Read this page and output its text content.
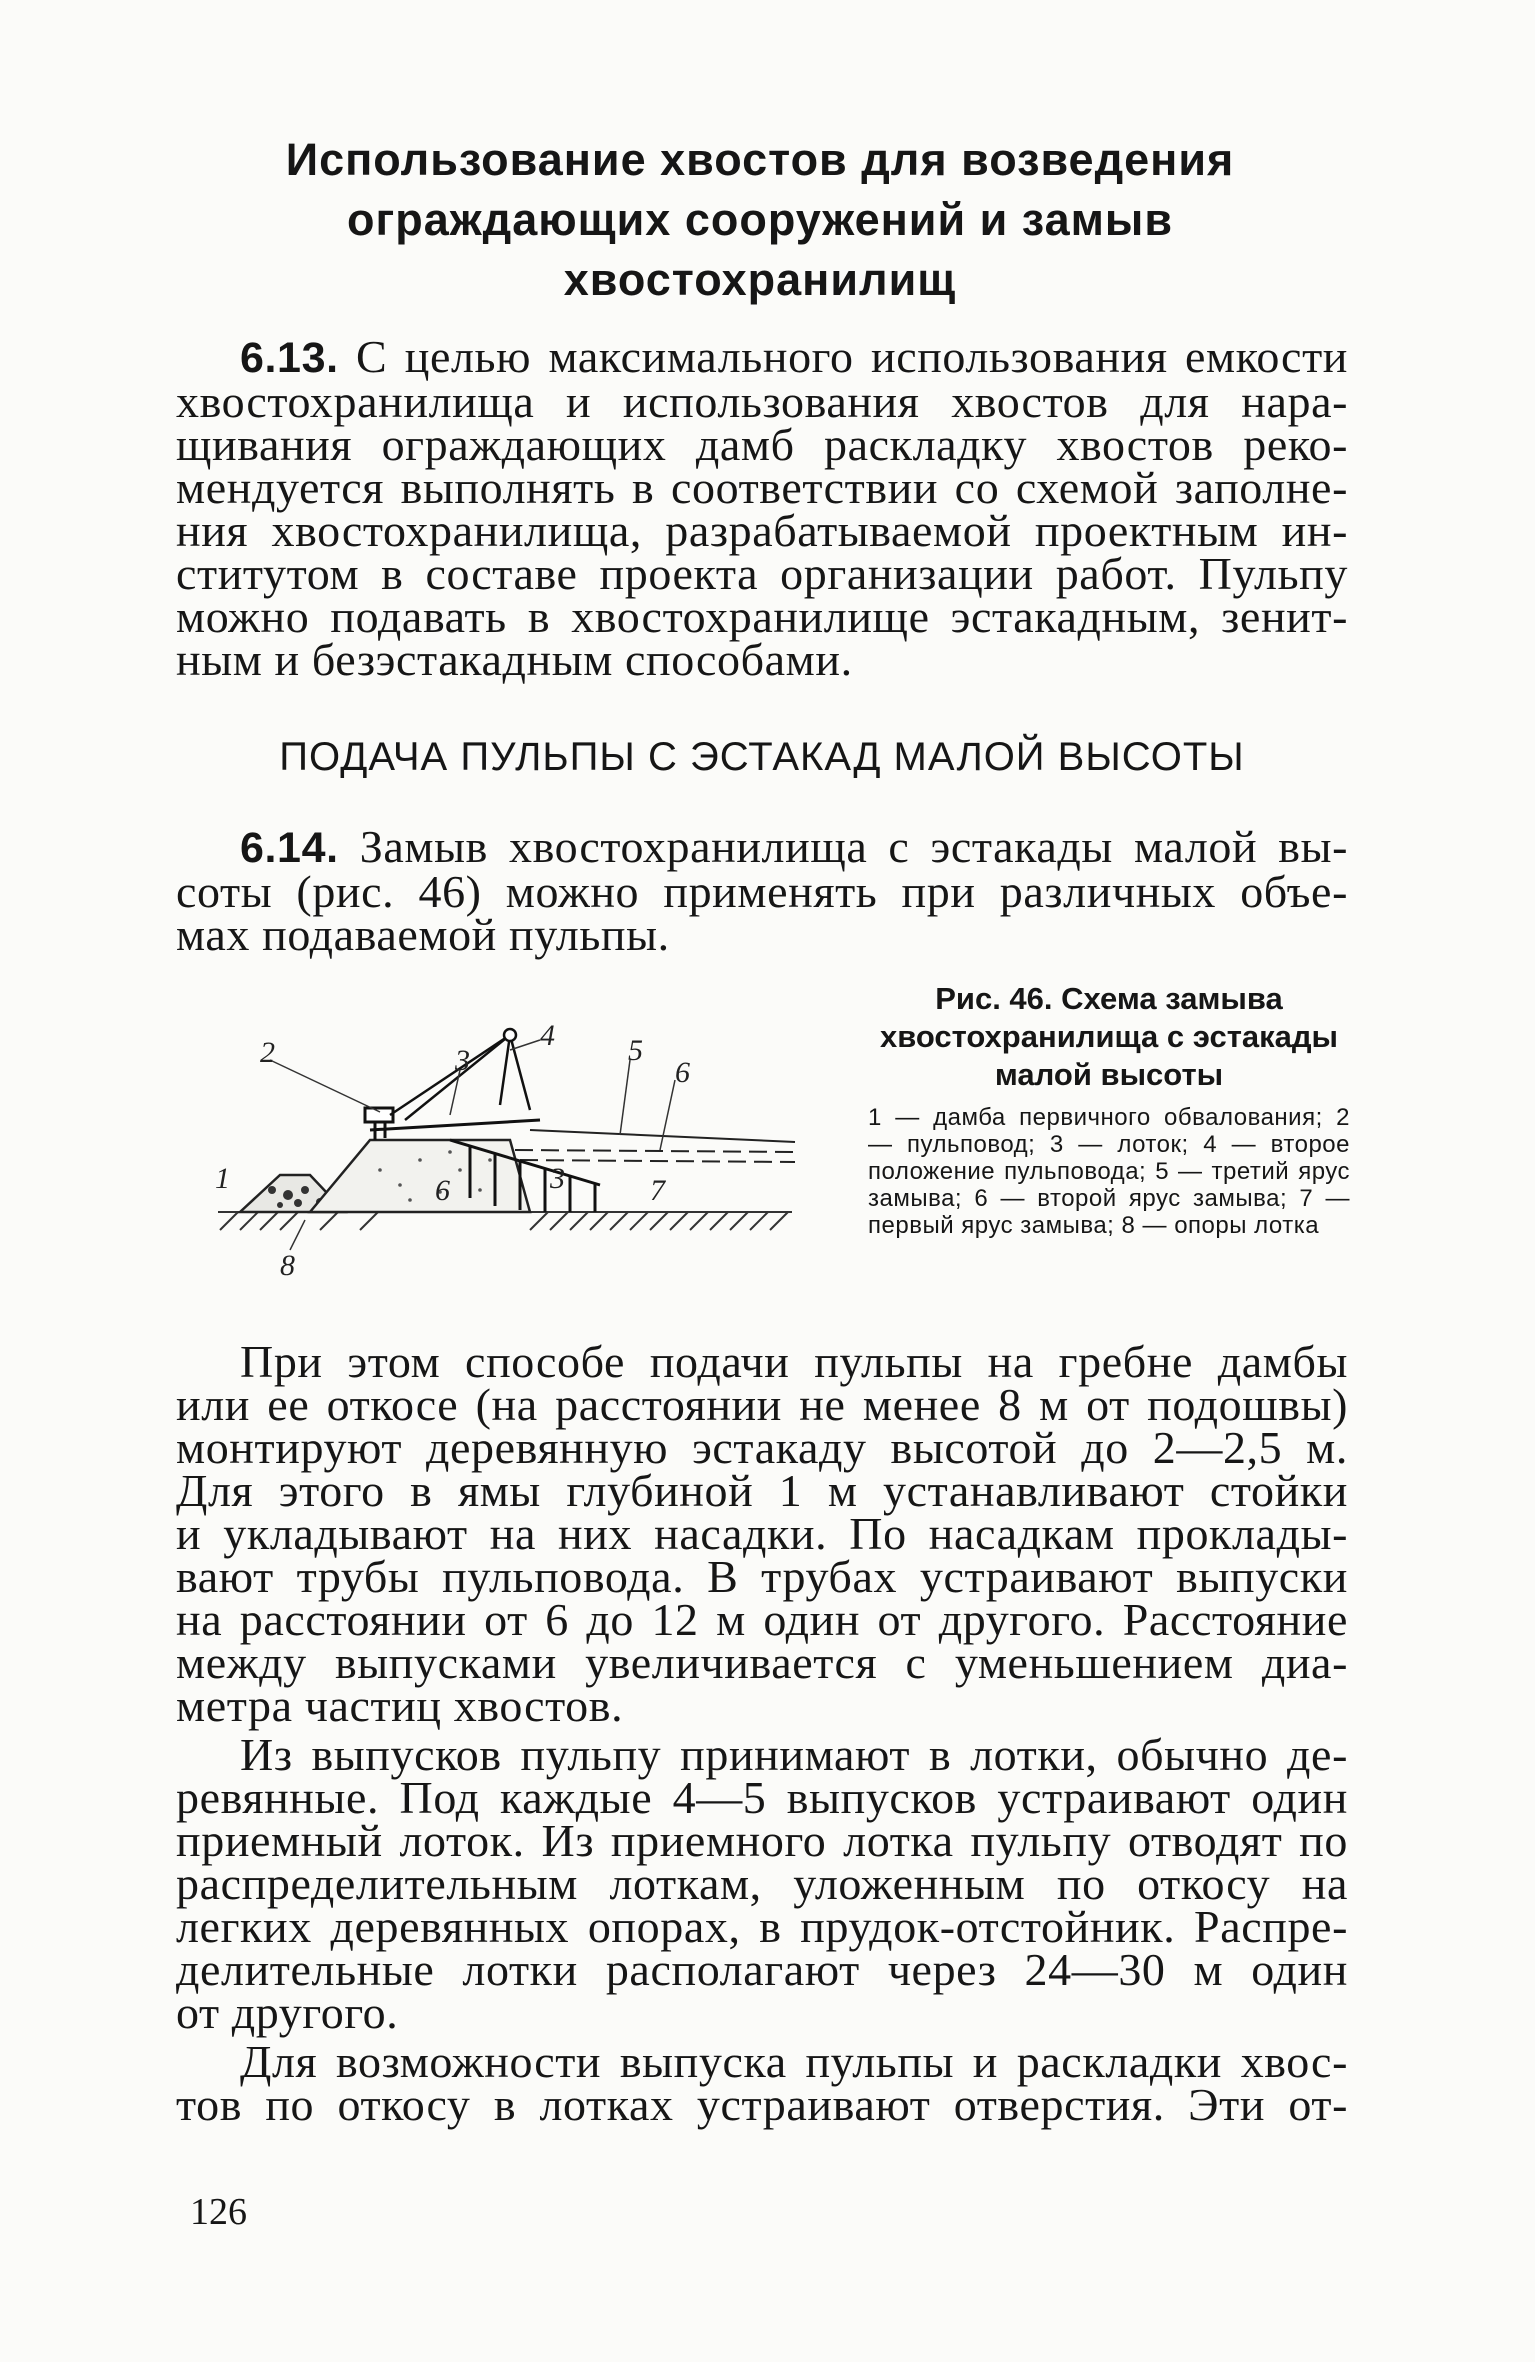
Использование хвостов для возведения
ограждающих сооружений и замыв
хвостохранилищ

6.13. С целью максимального использования емкости
хвостохранилища и использования хвостов для нара-
щивания ограждающих дамб раскладку хвостов реко-
мендуется выполнять в соответствии со схемой заполне-
ния хвостохранилища, разрабатываемой проектным ин-
ститутом в составе проекта организации работ. Пульпу
можно подавать в хвостохранилище эстакадным, зенит-
ным и безэстакадным способами.

ПОДАЧА ПУЛЬПЫ С ЭСТАКАД МАЛОЙ ВЫСОТЫ

6.14. Замыв хвостохранилища с эстакады малой вы-
соты (рис. 46) можно применять при различных объе-
мах подаваемой пульпы.

2
4
3	5
6
1	3	7
6
8
Рис. 46. Схема замыва хвостохранилища с эстакады малой высоты
1 — дамба первичного обвалования; 2 — пульповод; 3 — лоток; 4 — второе положение пульповода; 5 — третий ярус замыва; 6 — второй ярус замыва; 7 — первый ярус замыва; 8 — опоры лотка

При этом способе подачи пульпы на гребне дамбы
или ее откосе (на расстоянии не менее 8 м от подошвы)
монтируют деревянную эстакаду высотой до 2—2,5 м.
Для этого в ямы глубиной 1 м устанавливают стойки
и укладывают на них насадки. По насадкам проклады-
вают трубы пульповода. В трубах устраивают выпуски
на расстоянии от 6 до 12 м один от другого. Расстояние
между выпусками увеличивается с уменьшением диа-
метра частиц хвостов.

Из выпусков пульпу принимают в лотки, обычно де-
ревянные. Под каждые 4—5 выпусков устраивают один
приемный лоток. Из приемного лотка пульпу отводят по
распределительным лоткам, уложенным по откосу на
легких деревянных опорах, в прудок-отстойник. Распре-
делительные лотки располагают через 24—30 м один
от другого.

Для возможности выпуска пульпы и раскладки хвос-
тов по откосу в лотках устраивают отверстия. Эти от-

126
